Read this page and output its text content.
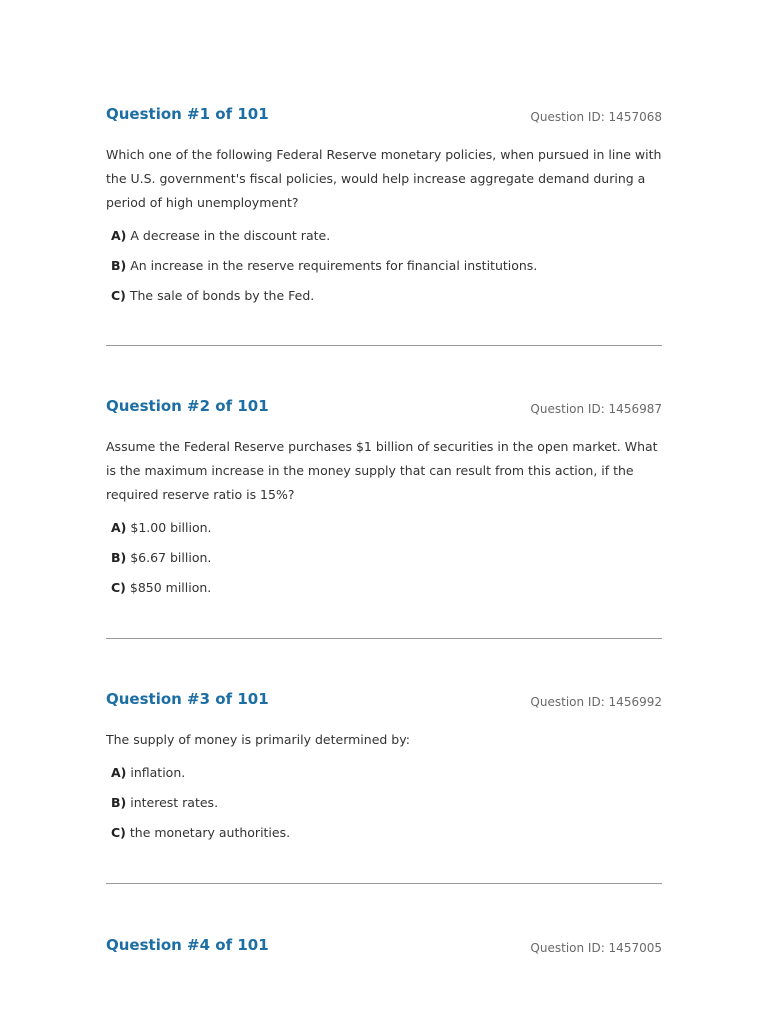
Question #1 of 101	Question ID: 1457068

Which one of the following Federal Reserve monetary policies, when pursued in line with the U.S. government's fiscal policies, would help increase aggregate demand during a period of high unemployment?

A) A decrease in the discount rate.
B) An increase in the reserve requirements for financial institutions.
C) The sale of bonds by the Fed.
Question #2 of 101	Question ID: 1456987

Assume the Federal Reserve purchases $1 billion of securities in the open market. What is the maximum increase in the money supply that can result from this action, if the required reserve ratio is 15%?

A) $1.00 billion.
B) $6.67 billion.
C) $850 million.
Question #3 of 101	Question ID: 1456992

The supply of money is primarily determined by:

A) inflation.
B) interest rates.
C) the monetary authorities.
Question #4 of 101	Question ID: 1457005
